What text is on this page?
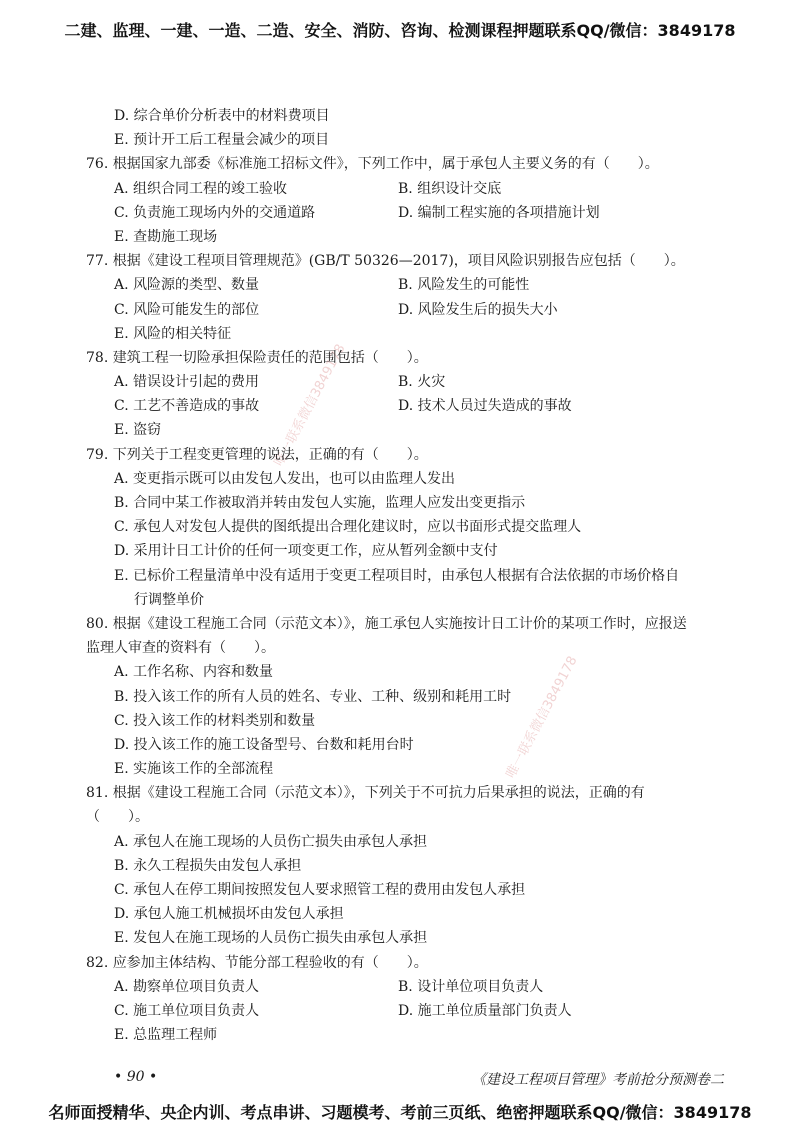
二建、监理、一建、一造、二造、安全、消防、咨询、检测课程押题联系QQ/微信：3849178
唯一联系微信3849178
唯一联系微信3849178
D. 综合单价分析表中的材料费项目
E. 预计开工后工程量会减少的项目
76. 根据国家九部委《标准施工招标文件》，下列工作中，属于承包人主要义务的有（　　）。
A. 组织合同工程的竣工验收	B. 组织设计交底
C. 负责施工现场内外的交通道路	D. 编制工程实施的各项措施计划
E. 查勘施工现场
77. 根据《建设工程项目管理规范》(GB/T 50326—2017)，项目风险识别报告应包括（　　）。
A. 风险源的类型、数量	B. 风险发生的可能性
C. 风险可能发生的部位	D. 风险发生后的损失大小
E. 风险的相关特征
78. 建筑工程一切险承担保险责任的范围包括（　　）。
A. 错误设计引起的费用	B. 火灾
C. 工艺不善造成的事故	D. 技术人员过失造成的事故
E. 盗窃
79. 下列关于工程变更管理的说法，正确的有（　　）。
A. 变更指示既可以由发包人发出，也可以由监理人发出
B. 合同中某工作被取消并转由发包人实施，监理人应发出变更指示
C. 承包人对发包人提供的图纸提出合理化建议时，应以书面形式提交监理人
D. 采用计日工计价的任何一项变更工作，应从暂列金额中支付
E. 已标价工程量清单中没有适用于变更工程项目时，由承包人根据有合法依据的市场价格自
行调整单价
80. 根据《建设工程施工合同（示范文本）》，施工承包人实施按计日工计价的某项工作时，应报送
监理人审查的资料有（　　）。
A. 工作名称、内容和数量
B. 投入该工作的所有人员的姓名、专业、工种、级别和耗用工时
C. 投入该工作的材料类别和数量
D. 投入该工作的施工设备型号、台数和耗用台时
E. 实施该工作的全部流程
81. 根据《建设工程施工合同（示范文本）》，下列关于不可抗力后果承担的说法，正确的有
（　　）。
A. 承包人在施工现场的人员伤亡损失由承包人承担
B. 永久工程损失由发包人承担
C. 承包人在停工期间按照发包人要求照管工程的费用由发包人承担
D. 承包人施工机械损坏由发包人承担
E. 发包人在施工现场的人员伤亡损失由承包人承担
82. 应参加主体结构、节能分部工程验收的有（　　）。
A. 勘察单位项目负责人	B. 设计单位项目负责人
C. 施工单位项目负责人	D. 施工单位质量部门负责人
E. 总监理工程师
• 90 •	《建设工程项目管理》考前抢分预测卷二
名师面授精华、央企内训、考点串讲、习题模考、考前三页纸、绝密押题联系QQ/微信：3849178
